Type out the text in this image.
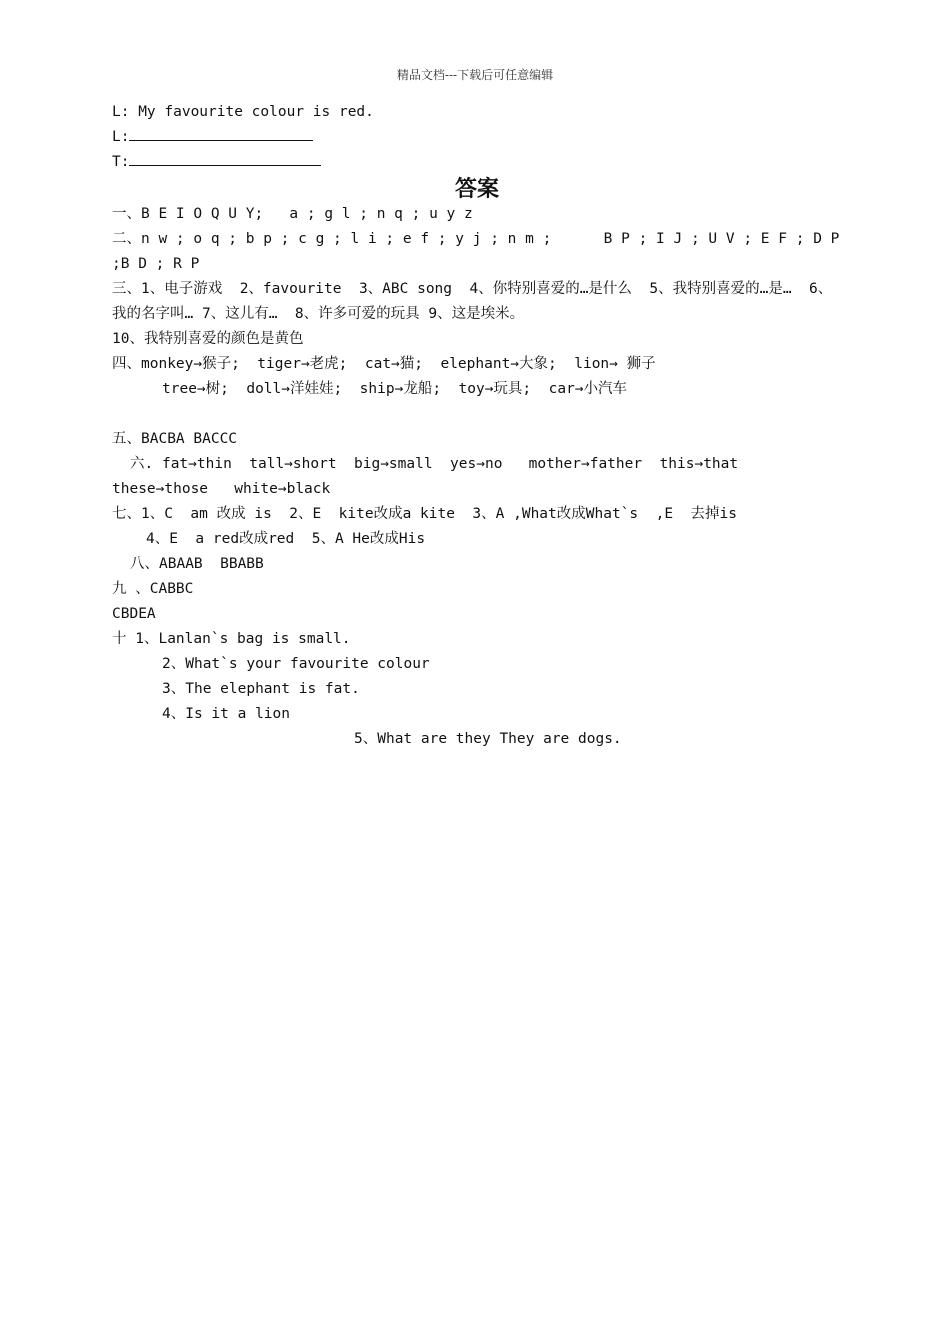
精品文档---下载后可任意编辑
L: My favourite colour is red.
L:
T:
答案
一、B E I O Q U Y;   a ; g l ; n q ; u y z
二、n w ; o q ; b p ; c g ; l i ; e f ; y j ; n m ;      B P ; I J ; U V ; E F ; D P ;B D ; R P
三、1、电子游戏  2、favourite  3、ABC song  4、你特别喜爱的…是什么  5、我特别喜爱的…是…  6、我的名字叫… 7、这儿有…  8、许多可爱的玩具 9、这是埃米。
10、我特别喜爱的颜色是黄色
四、monkey→猴子;  tiger→老虎;  cat→猫;  elephant→大象;  lion→ 狮子
tree→树;  doll→洋娃娃;  ship→龙船;  toy→玩具;  car→小汽车
五、BACBA BACCC
六. fat→thin  tall→short  big→small  yes→no   mother→father  this→that
these→those   white→black
七、1、C  am 改成 is  2、E  kite改成a kite  3、A ,What改成What`s  ,E  去掉is
4、E  a red改成red  5、A He改成His
八、ABAAB  BBABB
九 、CABBC
CBDEA
十 1、Lanlan`s bag is small.
2、What`s your favourite colour
3、The elephant is fat.
4、Is it a lion
5、What are they They are dogs.
